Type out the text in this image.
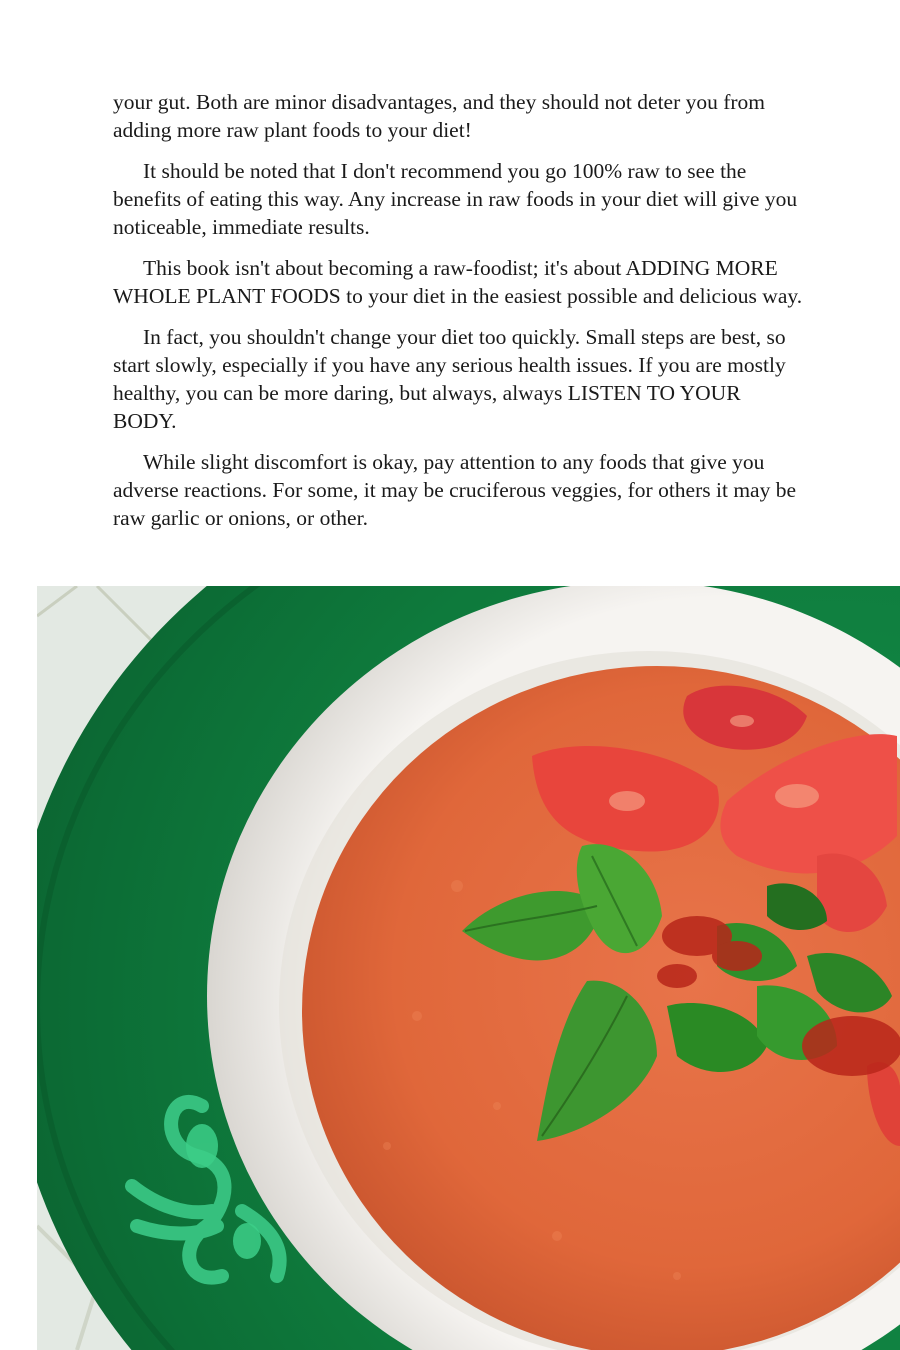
your gut. Both are minor disadvantages, and they should not deter you from adding more raw plant foods to your diet!

It should be noted that I don't recommend you go 100% raw to see the benefits of eating this way. Any increase in raw foods in your diet will give you noticeable, immediate results.

This book isn't about becoming a raw-foodist; it's about ADDING MORE WHOLE PLANT FOODS to your diet in the easiest possible and delicious way.

In fact, you shouldn't change your diet too quickly. Small steps are best, so start slowly, especially if you have any serious health issues. If you are mostly healthy, you can be more daring, but always, always LISTEN TO YOUR BODY.

While slight discomfort is okay, pay attention to any foods that give you adverse reactions. For some, it may be cruciferous veggies, for others it may be raw garlic or onions, or other.
